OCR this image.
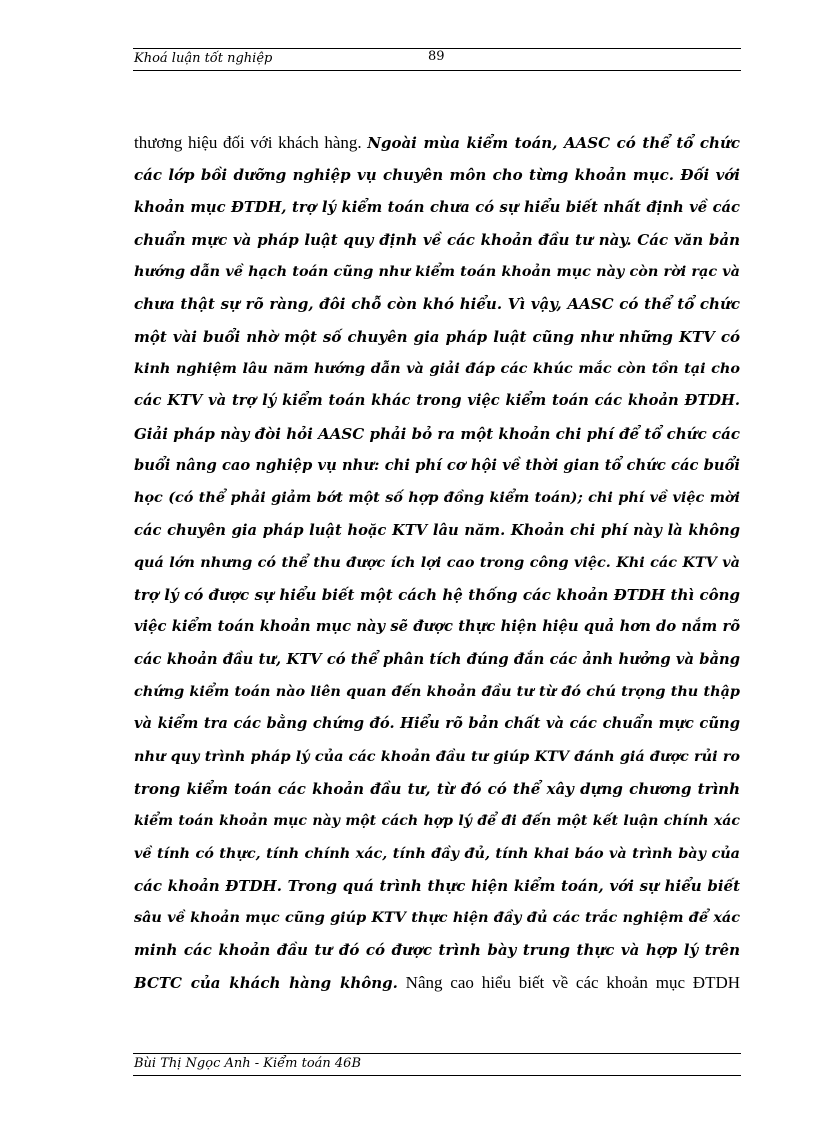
Khoá luận tốt nghiệp	89
thương hiệu đối với khách hàng. Ngoài mùa kiểm toán, AASC có thể tổ chức
các lớp bồi dưỡng nghiệp vụ chuyên môn cho từng khoản mục. Đối với
khoản mục ĐTDH, trợ lý kiểm toán chưa có sự hiểu biết nhất định về các
chuẩn mực và pháp luật quy định về các khoản đầu tư này. Các văn bản
hướng dẫn về hạch toán cũng như kiểm toán khoản mục này còn rời rạc và
chưa thật sự rõ ràng, đôi chỗ còn khó hiểu. Vì vậy, AASC có thể tổ chức
một vài buổi nhờ một số chuyên gia pháp luật cũng như những KTV có
kinh nghiệm lâu năm hướng dẫn và giải đáp các khúc mắc còn tồn tại cho
các KTV và trợ lý kiểm toán khác trong việc kiểm toán các khoản ĐTDH.
Giải pháp này đòi hỏi AASC phải bỏ ra một khoản chi phí để tổ chức các
buổi nâng cao nghiệp vụ như: chi phí cơ hội về thời gian tổ chức các buổi
học (có thể phải giảm bớt một số hợp đồng kiểm toán); chi phí về việc mời
các chuyên gia pháp luật hoặc KTV lâu năm. Khoản chi phí này là không
quá lớn nhưng có thể thu được ích lợi cao trong công việc. Khi các KTV và
trợ lý có được sự hiểu biết một cách hệ thống các khoản ĐTDH thì công
việc kiểm toán khoản mục này sẽ được thực hiện hiệu quả hơn do nắm rõ
các khoản đầu tư, KTV có thể phân tích đúng đắn các ảnh hưởng và bằng
chứng kiểm toán nào liên quan đến khoản đầu tư từ đó chú trọng thu thập
và kiểm tra các bằng chứng đó. Hiểu rõ bản chất và các chuẩn mực cũng
như quy trình pháp lý của các khoản đầu tư giúp KTV đánh giá được rủi ro
trong kiểm toán các khoản đầu tư, từ đó có thể xây dựng chương trình
kiểm toán khoản mục này một cách hợp lý để đi đến một kết luận chính xác
về tính có thực, tính chính xác, tính đầy đủ, tính khai báo và trình bày của
các khoản ĐTDH. Trong quá trình thực hiện kiểm toán, với sự hiểu biết
sâu về khoản mục cũng giúp KTV thực hiện đầy đủ các trắc nghiệm để xác
minh các khoản đầu tư đó có được trình bày trung thực và hợp lý trên
BCTC của khách hàng không. Nâng cao hiểu biết về các khoản mục ĐTDH
Bùi Thị Ngọc Anh - Kiểm toán 46B
